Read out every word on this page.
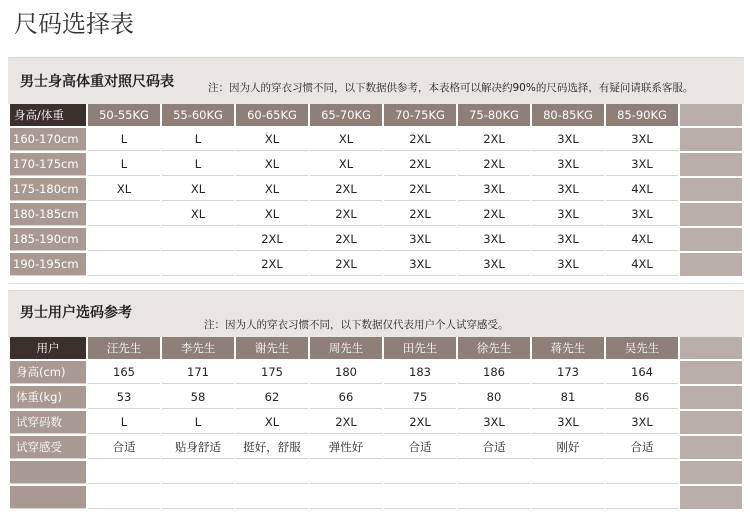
尺码选择表
男士身高体重对照尺码表	注：因为人的穿衣习惯不同，以下数据供参考，本表格可以解决约90%的尺码选择，有疑问请联系客服。
身高/体重	50-55KG	55-60KG	60-65KG	65-70KG	70-75KG	75-80KG	80-85KG	85-90KG	
160-170cm	L	L	XL	XL	2XL	2XL	3XL	3XL	
170-175cm	L	L	XL	XL	2XL	2XL	3XL	3XL	
175-180cm	XL	XL	XL	2XL	2XL	3XL	3XL	4XL	
180-185cm		XL	XL	2XL	2XL	2XL	3XL	3XL	
185-190cm			2XL	2XL	3XL	3XL	3XL	4XL	
190-195cm			2XL	2XL	3XL	3XL	3XL	4XL	
男士用户选码参考
注：因为人的穿衣习惯不同，以下数据仅代表用户个人试穿感受。
用户	汪先生	李先生	谢先生	周先生	田先生	徐先生	蒋先生	吴先生	
身高(cm)	165	171	175	180	183	186	173	164	
体重(kg)	53	58	62	66	75	80	81	86	
试穿码数	L	L	XL	2XL	2XL	3XL	3XL	3XL	
试穿感受	合适	贴身舒适	挺好，舒服	弹性好	合适	合适	刚好	合适	
